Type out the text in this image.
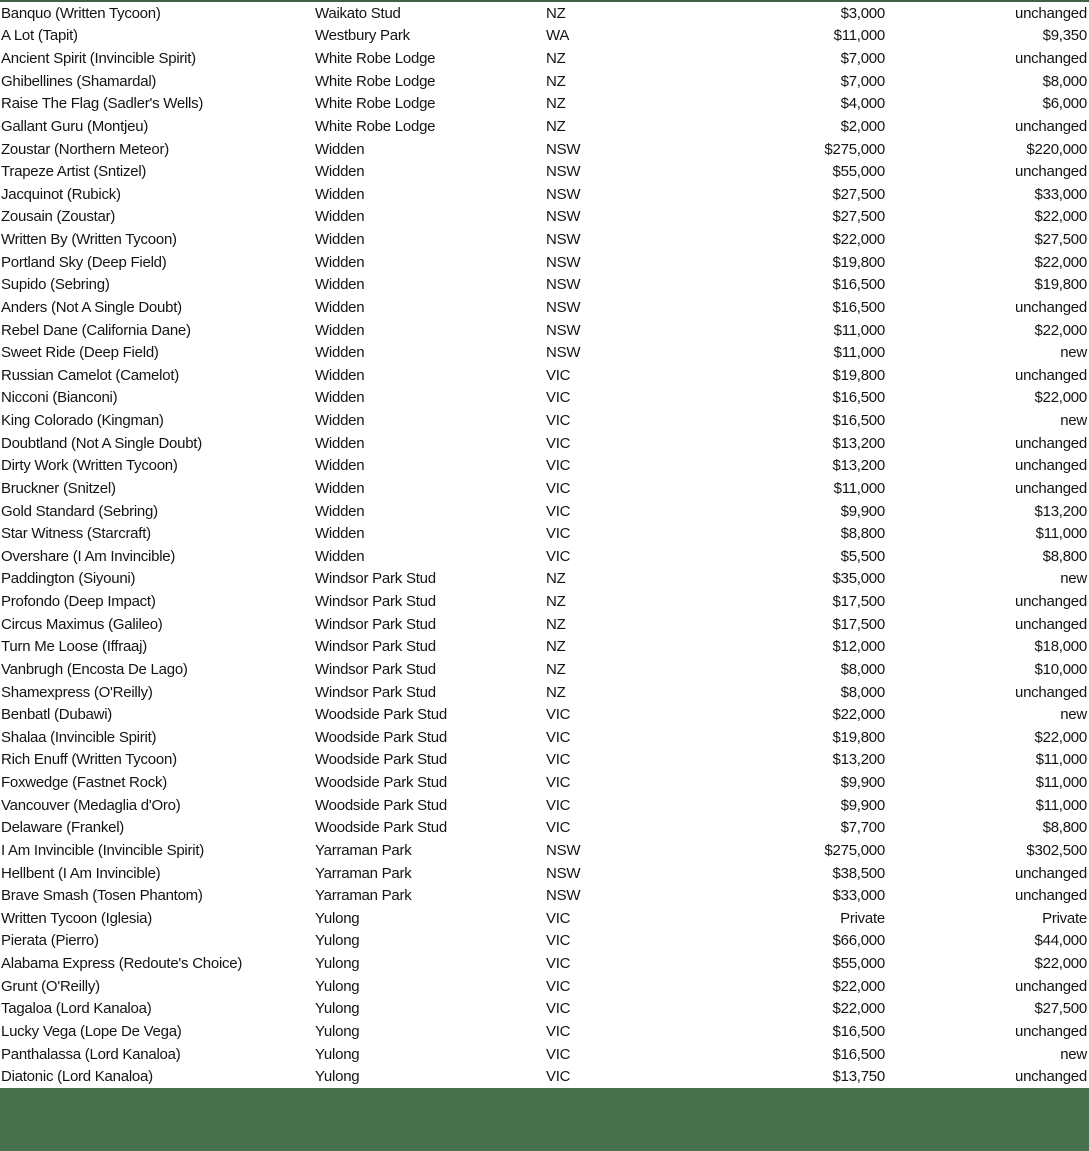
Banquo (Written Tycoon)	Waikato Stud	NZ	$3,000	unchanged
A Lot (Tapit)	Westbury Park	WA	$11,000	$9,350
Ancient Spirit (Invincible Spirit)	White Robe Lodge	NZ	$7,000	unchanged
Ghibellines (Shamardal)	White Robe Lodge	NZ	$7,000	$8,000
Raise The Flag (Sadler's Wells)	White Robe Lodge	NZ	$4,000	$6,000
Gallant Guru (Montjeu)	White Robe Lodge	NZ	$2,000	unchanged
Zoustar (Northern Meteor)	Widden	NSW	$275,000	$220,000
Trapeze Artist (Sntizel)	Widden	NSW	$55,000	unchanged
Jacquinot (Rubick)	Widden	NSW	$27,500	$33,000
Zousain (Zoustar)	Widden	NSW	$27,500	$22,000
Written By (Written Tycoon)	Widden	NSW	$22,000	$27,500
Portland Sky (Deep Field)	Widden	NSW	$19,800	$22,000
Supido (Sebring)	Widden	NSW	$16,500	$19,800
Anders (Not A Single Doubt)	Widden	NSW	$16,500	unchanged
Rebel Dane (California Dane)	Widden	NSW	$11,000	$22,000
Sweet Ride (Deep Field)	Widden	NSW	$11,000	new
Russian Camelot (Camelot)	Widden	VIC	$19,800	unchanged
Nicconi (Bianconi)	Widden	VIC	$16,500	$22,000
King Colorado (Kingman)	Widden	VIC	$16,500	new
Doubtland (Not A Single Doubt)	Widden	VIC	$13,200	unchanged
Dirty Work (Written Tycoon)	Widden	VIC	$13,200	unchanged
Bruckner (Snitzel)	Widden	VIC	$11,000	unchanged
Gold Standard (Sebring)	Widden	VIC	$9,900	$13,200
Star Witness (Starcraft)	Widden	VIC	$8,800	$11,000
Overshare (I Am Invincible)	Widden	VIC	$5,500	$8,800
Paddington (Siyouni)	Windsor Park Stud	NZ	$35,000	new
Profondo (Deep Impact)	Windsor Park Stud	NZ	$17,500	unchanged
Circus Maximus (Galileo)	Windsor Park Stud	NZ	$17,500	unchanged
Turn Me Loose (Iffraaj)	Windsor Park Stud	NZ	$12,000	$18,000
Vanbrugh (Encosta De Lago)	Windsor Park Stud	NZ	$8,000	$10,000
Shamexpress (O'Reilly)	Windsor Park Stud	NZ	$8,000	unchanged
Benbatl (Dubawi)	Woodside Park Stud	VIC	$22,000	new
Shalaa (Invincible Spirit)	Woodside Park Stud	VIC	$19,800	$22,000
Rich Enuff (Written Tycoon)	Woodside Park Stud	VIC	$13,200	$11,000
Foxwedge (Fastnet Rock)	Woodside Park Stud	VIC	$9,900	$11,000
Vancouver (Medaglia d'Oro)	Woodside Park Stud	VIC	$9,900	$11,000
Delaware (Frankel)	Woodside Park Stud	VIC	$7,700	$8,800
I Am Invincible (Invincible Spirit)	Yarraman Park	NSW	$275,000	$302,500
Hellbent (I Am Invincible)	Yarraman Park	NSW	$38,500	unchanged
Brave Smash (Tosen Phantom)	Yarraman Park	NSW	$33,000	unchanged
Written Tycoon (Iglesia)	Yulong	VIC	Private	Private
Pierata (Pierro)	Yulong	VIC	$66,000	$44,000
Alabama Express (Redoute's Choice)	Yulong	VIC	$55,000	$22,000
Grunt (O'Reilly)	Yulong	VIC	$22,000	unchanged
Tagaloa (Lord Kanaloa)	Yulong	VIC	$22,000	$27,500
Lucky Vega (Lope De Vega)	Yulong	VIC	$16,500	unchanged
Panthalassa (Lord Kanaloa)	Yulong	VIC	$16,500	new
Diatonic (Lord Kanaloa)	Yulong	VIC	$13,750	unchanged
